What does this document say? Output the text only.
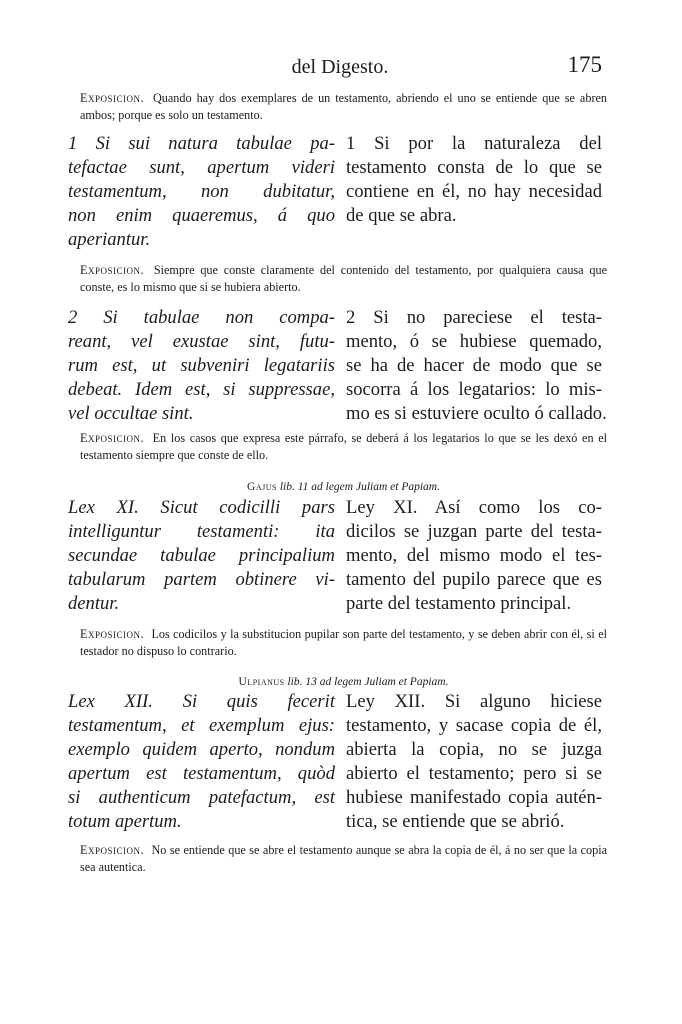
del Digesto.	175
Exposicion. Quando hay dos exemplares de un testamento, abriendo el uno se entiende que se abren ambos; porque es solo un testamento.
1 Si sui natura tabulae pa-
tefactae sunt, apertum videri
testamentum, non dubitatur,
non enim quaeremus, á quo
aperiantur.
1 Si por la naturaleza del
testamento consta de lo que se
contiene en él, no hay necesidad
de que se abra.
Exposicion. Siempre que conste claramente del contenido del testamento, por qualquiera causa que conste, es lo mismo que si se hubiera abierto.
2 Si tabulae non compa-
reant, vel exustae sint, futu-
rum est, ut subveniri legatariis
debeat. Idem est, si suppressae,
vel occultae sint.
2 Si no pareciese el testa-
mento, ó se hubiese quemado,
se ha de hacer de modo que se
socorra á los legatarios: lo mis-
mo es si estuviere oculto ó callado.
Exposicion. En los casos que expresa este párrafo, se deberá á los legatarios lo que se les dexó en el testamento siempre que conste de ello.
Gajus lib. 11 ad legem Juliam et Papiam.
Lex XI. Sicut codicilli pars
intelliguntur testamenti: ita
secundae tabulae principalium
tabularum partem obtinere vi-
dentur.
Ley XI. Así como los co-
dicilos se juzgan parte del testa-
mento, del mismo modo el tes-
tamento del pupilo parece que es
parte del testamento principal.
Exposicion. Los codicilos y la substitucion pupilar son parte del testamento, y se deben abrir con él, si el testador no dispuso lo contrario.
Ulpianus lib. 13 ad legem Juliam et Papiam.
Lex XII. Si quis fecerit
testamentum, et exemplum ejus:
exemplo quidem aperto, nondum
apertum est testamentum, quòd
si authenticum patefactum, est
totum apertum.
Ley XII. Si alguno hiciese
testamento, y sacase copia de él,
abierta la copia, no se juzga
abierto el testamento; pero si se
hubiese manifestado copia autén-
tica, se entiende que se abrió.
Exposicion. No se entiende que se abre el testamento aunque se abra la copia de él, á no ser que la copia sea autentica.
